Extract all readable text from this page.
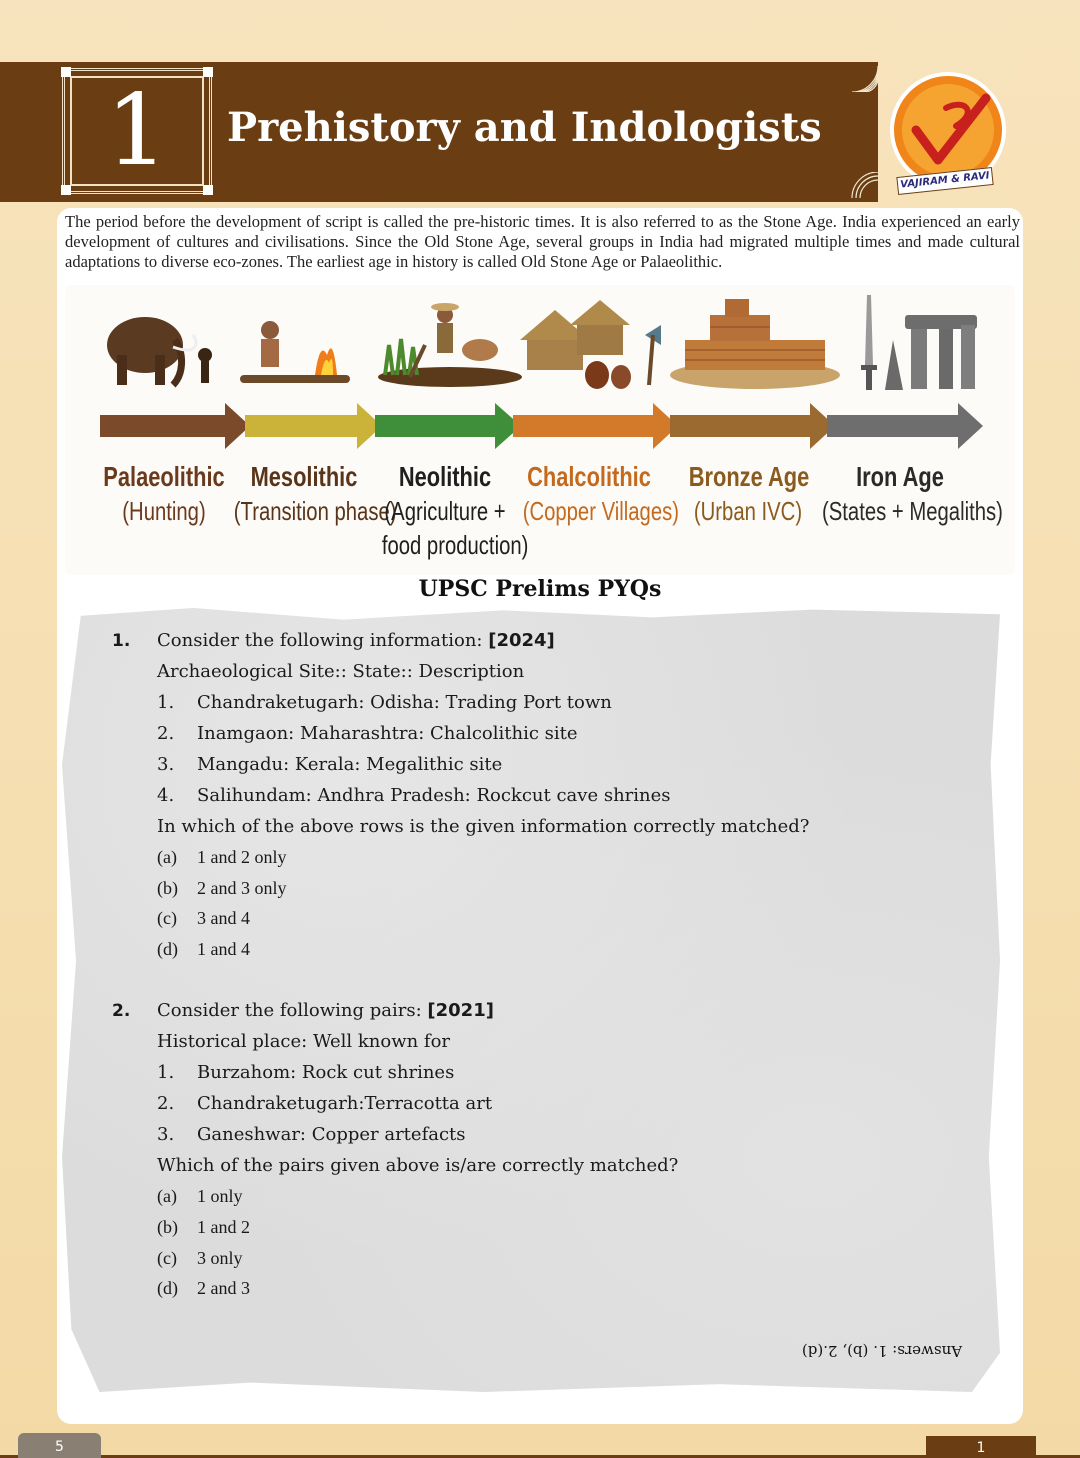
1	Prehistory and Indologists
VAJIRAM & RAVI

The period before the development of script is called the pre-historic times. It is also referred to as the Stone Age. India experienced an early development of cultures and civilisations. Since the Old Stone Age, several groups in India had migrated multiple times and made cultural adaptations to diverse eco-zones. The earliest age in history is called Old Stone Age or Palaeolithic.

Palaeolithic
(Hunting)
Mesolithic
(Transition phase)
Neolithic
(Agriculture +
food production)
Chalcolithic
(Copper Villages)
Bronze Age
(Urban IVC)
Iron Age
(States + Megaliths)
UPSC Prelims PYQs
1. Consider the following information: [2024]
Archaeological Site:: State:: Description
1. Chandraketugarh: Odisha: Trading Port town
2. Inamgaon: Maharashtra: Chalcolithic site
3. Mangadu: Kerala: Megalithic site
4. Salihundam: Andhra Pradesh: Rockcut cave shrines
In which of the above rows is the given information correctly matched?
(a) 1 and 2 only
(b) 2 and 3 only
(c) 3 and 4
(d) 1 and 4
2. Consider the following pairs: [2021]
Historical place: Well known for
1. Burzahom: Rock cut shrines
2. Chandraketugarh:Terracotta art
3. Ganeshwar: Copper artefacts
Which of the pairs given above is/are correctly matched?
(a) 1 only
(b) 1 and 2
(c) 3 only
(d) 2 and 3
Answers: 1. (b), 2.(d)
5	1
